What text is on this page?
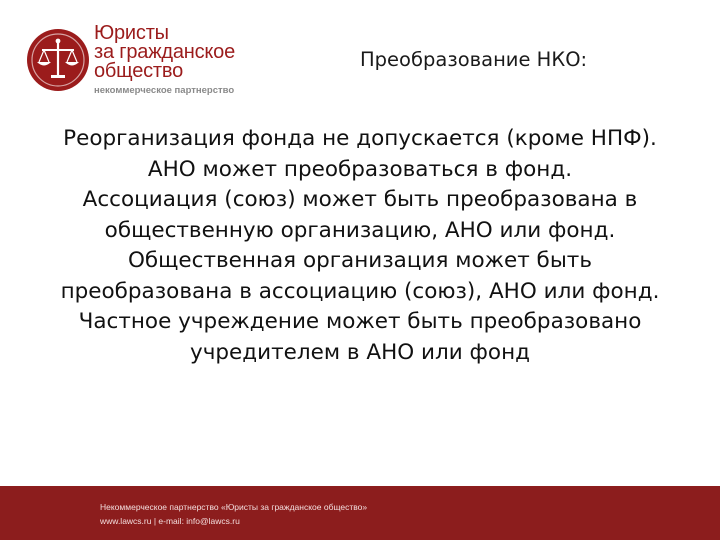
Юристы
за гражданское
общество
некоммерческое партнерство
Преобразование НКО:

Реорганизация фонда не допускается (кроме НПФ).

АНО может преобразоваться в фонд.

Ассоциация (союз) может быть преобразована в общественную организацию, АНО или фонд.

Общественная организация может быть преобразована в ассоциацию (союз), АНО или фонд.

Частное учреждение может быть преобразовано учредителем в АНО или фонд

Некоммерческое партнерство «Юристы за гражданское общество»
www.lawcs.ru | e-mail: info@lawcs.ru
